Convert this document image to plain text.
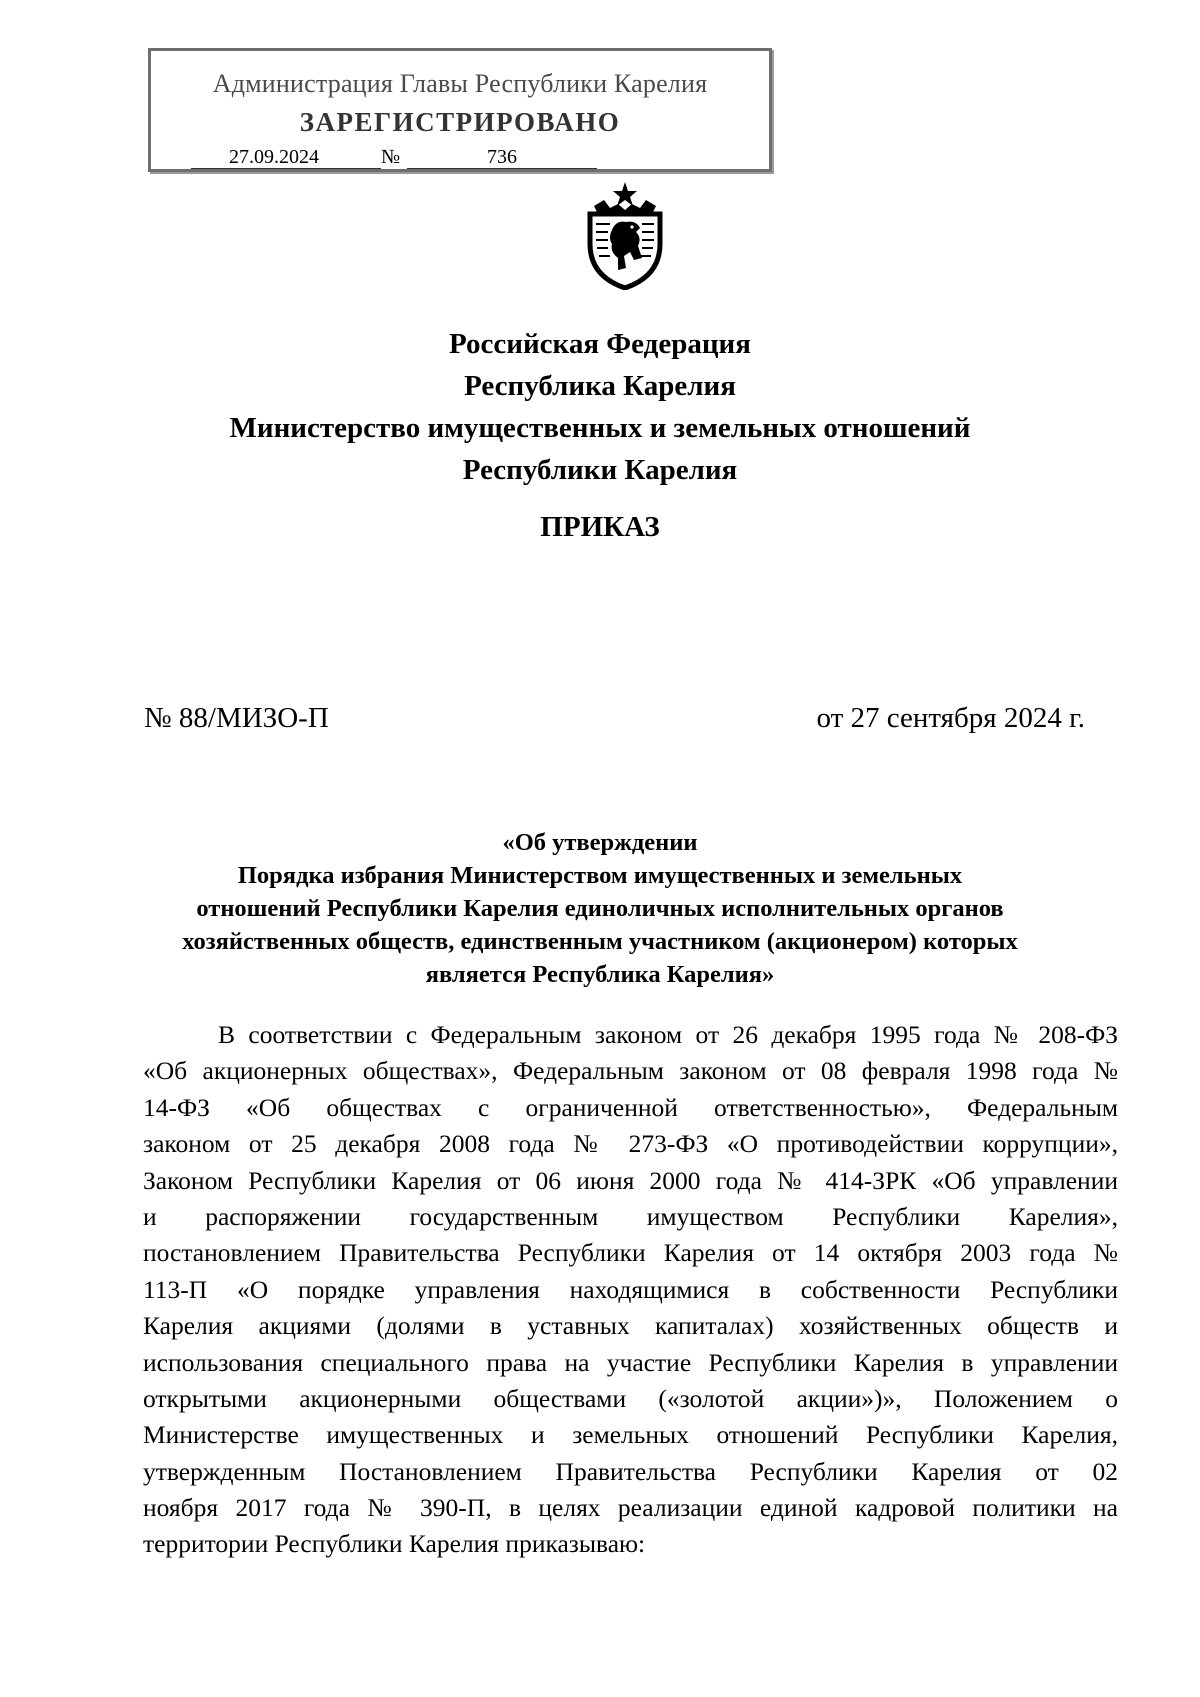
Администрация Главы Республики Карелия
ЗАРЕГИСТРИРОВАНО
27.09.2024	№	736
Российская Федерация
Республика Карелия
Министерство имущественных и земельных отношений
Республики Карелия
ПРИКАЗ
№ 88/МИЗО-П	от 27 сентября 2024 г.
«Об утверждении
Порядка избрания Министерством имущественных и земельных
отношений Республики Карелия единоличных исполнительных органов
хозяйственных обществ, единственным участником (акционером) которых
является Республика Карелия»
В соответствии с Федеральным законом от 26 декабря 1995 года № 208-ФЗ
«Об акционерных обществах», Федеральным законом от 08 февраля 1998 года №
14-ФЗ «Об обществах с ограниченной ответственностью», Федеральным
законом от 25 декабря 2008 года № 273-ФЗ «О противодействии коррупции»,
Законом Республики Карелия от 06 июня 2000 года № 414-ЗРК «Об управлении
и распоряжении государственным имуществом Республики Карелия»,
постановлением Правительства Республики Карелия от 14 октября 2003 года №
113-П «О порядке управления находящимися в собственности Республики
Карелия акциями (долями в уставных капиталах) хозяйственных обществ и
использования специального права на участие Республики Карелия в управлении
открытыми акционерными обществами («золотой акции»)», Положением о
Министерстве имущественных и земельных отношений Республики Карелия,
утвержденным Постановлением Правительства Республики Карелия от 02
ноября 2017 года № 390-П, в целях реализации единой кадровой политики на
территории Республики Карелия приказываю:
